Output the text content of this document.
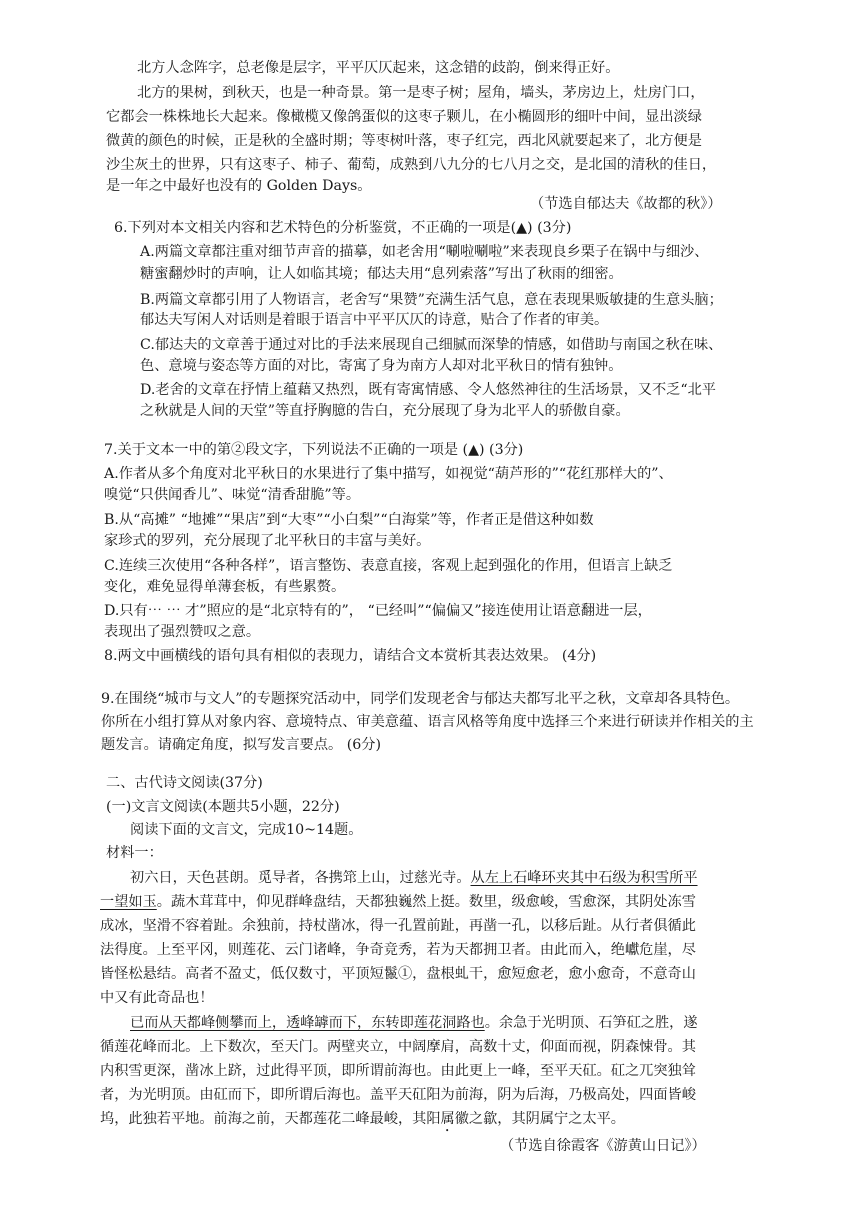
北方人念阵字，总老像是层字，平平仄仄起来，这念错的歧韵，倒来得正好。
北方的果树，到秋天，也是一种奇景。第一是枣子树；屋角，墙头，茅房边上，灶房门口，
它都会一株株地长大起来。像橄榄又像鸽蛋似的这枣子颗儿，在小椭圆形的细叶中间，显出淡绿
微黄的颜色的时候，正是秋的全盛时期；等枣树叶落，枣子红完，西北风就要起来了，北方便是
沙尘灰土的世界，只有这枣子、柿子、葡萄，成熟到八九分的七八月之交，是北国的清秋的佳日，
是一年之中最好也没有的 Golden Days。
（节选自郁达夫《故都的秋》）
6.下列对本文相关内容和艺术特色的分析鉴赏，不正确的一项是(▲) (3分)
A.两篇文章都注重对细节声音的描摹，如老舍用“唰啦唰啦”来表现良乡栗子在锅中与细沙、
糖蜜翻炒时的声响，让人如临其境；郁达夫用“息列索落”写出了秋雨的细密。
B.两篇文章都引用了人物语言，老舍写“果赞”充满生活气息，意在表现果贩敏捷的生意头脑；
郁达夫写闲人对话则是着眼于语言中平平仄仄的诗意，贴合了作者的审美。
C.郁达夫的文章善于通过对比的手法来展现自己细腻而深挚的情感，如借助与南国之秋在味、
色、意境与姿态等方面的对比，寄寓了身为南方人却对北平秋日的情有独钟。
D.老舍的文章在抒情上蕴藉又热烈，既有寄寓情感、令人悠然神往的生活场景，又不乏“北平
之秋就是人间的天堂”等直抒胸臆的告白，充分展现了身为北平人的骄傲自豪。
7.关于文本一中的第②段文字，下列说法不正确的一项是 (▲) (3分)
A.作者从多个角度对北平秋日的水果进行了集中描写，如视觉“葫芦形的”“花红那样大的”、
嗅觉“只供闻香儿”、味觉“清香甜脆”等。
B.从“高摊” “地摊”“果店”到“大枣”“小白梨”“白海棠”等，作者正是借这种如数
家珍式的罗列，充分展现了北平秋日的丰富与美好。
C.连续三次使用“各种各样”，语言整饬、表意直接，客观上起到强化的作用，但语言上缺乏
变化，难免显得单薄套板，有些累赘。
D.只有⋯ ⋯ 才”照应的是“北京特有的”， “已经叫”“偏偏又”接连使用让语意翻进一层，
表现出了强烈赞叹之意。
8.两文中画横线的语句具有相似的表现力，请结合文本赏析其表达效果。 (4分)
9.在围绕“城市与文人”的专题探究活动中，同学们发现老舍与郁达夫都写北平之秋，文章却各具特色。
你所在小组打算从对象内容、意境特点、审美意蕴、语言风格等角度中选择三个来进行研读并作相关的主
题发言。请确定角度，拟写发言要点。 (6分)
二、古代诗文阅读(37分)
(一)文言文阅读(本题共5小题，22分)
阅读下面的文言文，完成10~14题。
材料一：
初六日，天色甚朗。觅导者，各携筇上山，过慈光寺。从左上石峰环夹其中石级为积雪所平
一望如玉。蔬木茸茸中，仰见群峰盘结，天都独巍然上挺。数里，级愈峻，雪愈深，其阴处冻雪
成冰，坚滑不容着趾。余独前，持杖凿冰，得一孔置前趾，再凿一孔，以移后趾。从行者俱循此
法得度。上至平冈，则莲花、云门诸峰，争奇竞秀，若为天都拥卫者。由此而入，绝巘危崖，尽
皆怪松悬结。高者不盈丈，低仅数寸，平顶短鬣①，盘根虬干，愈短愈老，愈小愈奇，不意奇山
中又有此奇品也！
已而从天都峰侧攀而上，透峰罅而下，东转即莲花洞路也。余急于光明顶、石笋矼之胜，遂
循莲花峰而北。上下数次，至天门。两壁夹立，中阔摩肩，高数十丈，仰面而视，阴森悚骨。其
内积雪更深，凿冰上跻，过此得平顶，即所谓前海也。由此更上一峰，至平天矼。矼之兀突独耸
者，为光明顶。由矼而下，即所谓后海也。盖平天矼阳为前海，阴为后海，乃极高处，四面皆峻
坞，此独若平地。前海之前，天都莲花二峰最峻，其阳属徽之歙，其阴属宁之太平。
（节选自徐霞客《游黄山日记》）
